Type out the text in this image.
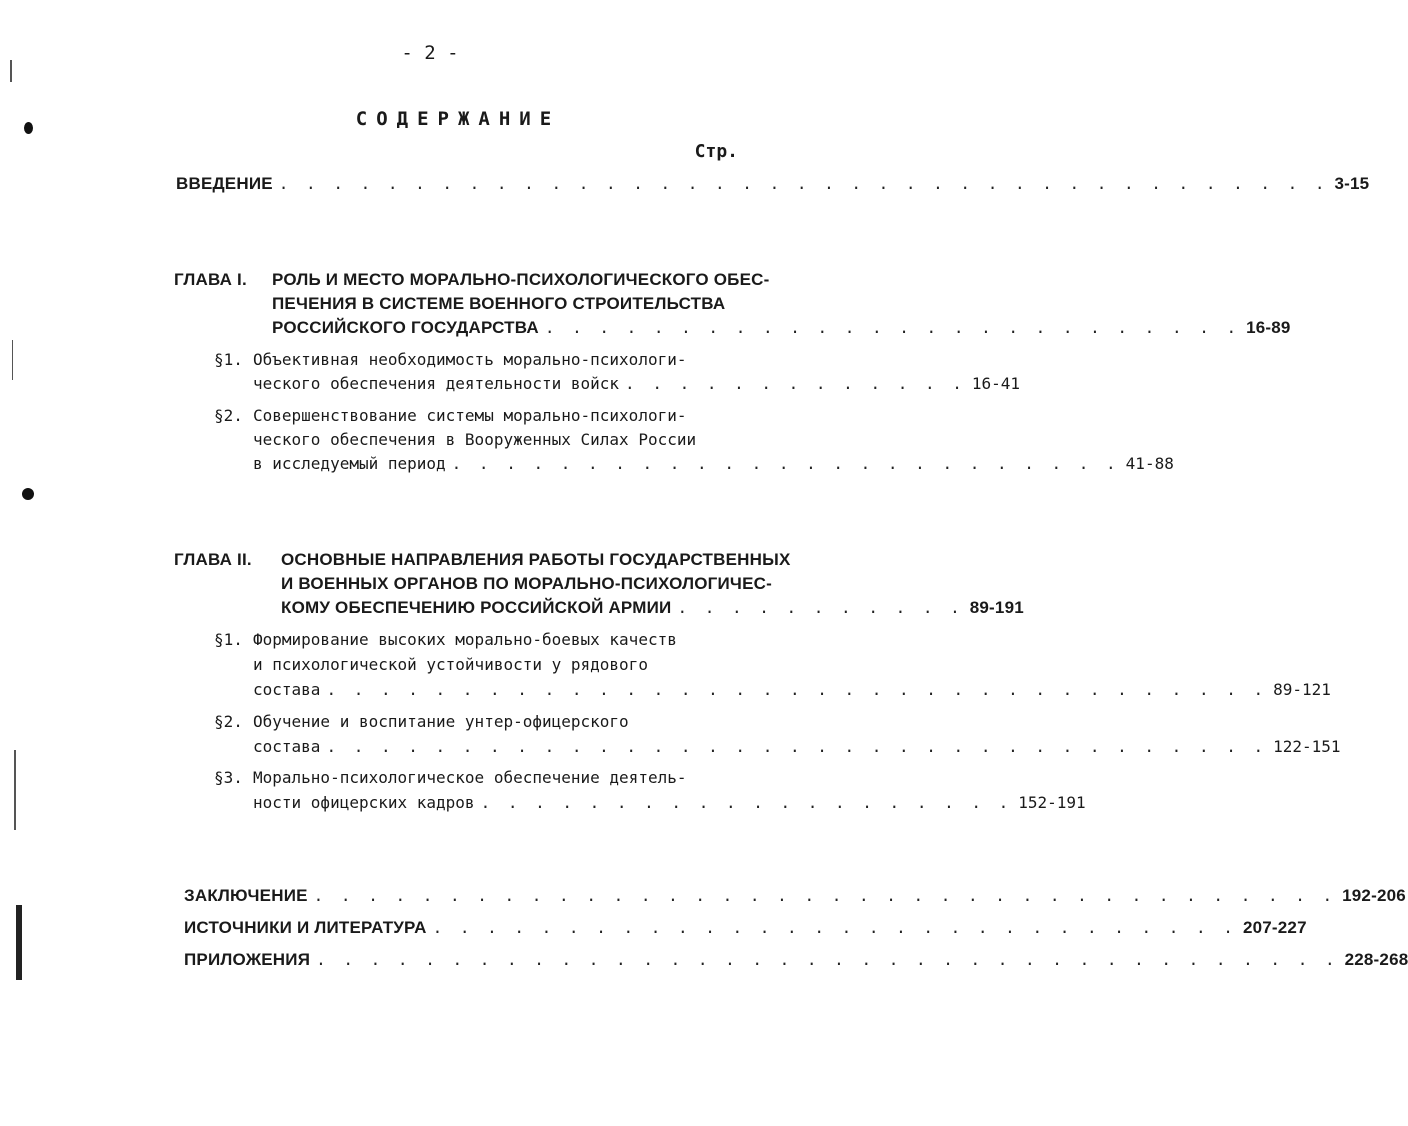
- 2 -
СОДЕРЖАНИЕ
Стр.
ВВЕДЕНИЕ . . . . . . . . . . . . . . . . . . . . . . . . . . . . . . . . . . . . . . . 3-15
ГЛАВА I. РОЛЬ И МЕСТО МОРАЛЬНО-ПСИХОЛОГИЧЕСКОГО ОБЕС-
ПЕЧЕНИЯ В СИСТЕМЕ ВОЕННОГО СТРОИТЕЛЬСТВА
РОССИЙСКОГО ГОСУДАРСТВА . . . . . . . . . . . . . . . . . . . . . . . . . . 16-89
§1. Объективная необходимость морально-психологи-
ческого обеспечения деятельности войск . . . . . . . . . . . . . 16-41
§2. Совершенствование системы морально-психологи-
ческого обеспечения в Вооруженных Силах России
в исследуемый период . . . . . . . . . . . . . . . . . . . . . . . . . 41-88
ГЛАВА II. ОСНОВНЫЕ НАПРАВЛЕНИЯ РАБОТЫ ГОСУДАРСТВЕННЫХ
И ВОЕННЫХ ОРГАНОВ ПО МОРАЛЬНО-ПСИХОЛОГИЧЕС-
КОМУ ОБЕСПЕЧЕНИЮ РОССИЙСКОЙ АРМИИ . . . . . . . . . . . 89-191
§1. Формирование высоких морально-боевых качеств
и психологической устойчивости у рядового
состава . . . . . . . . . . . . . . . . . . . . . . . . . . . . . . . . . . . 89-121
§2. Обучение и воспитание унтер-офицерского
состава . . . . . . . . . . . . . . . . . . . . . . . . . . . . . . . . . . . 122-151
§3. Морально-психологическое обеспечение деятель-
ности офицерских кадров . . . . . . . . . . . . . . . . . . . . 152-191
ЗАКЛЮЧЕНИЕ . . . . . . . . . . . . . . . . . . . . . . . . . . . . . . . . . . . . . . 192-206
ИСТОЧНИКИ И ЛИТЕРАТУРА . . . . . . . . . . . . . . . . . . . . . . . . . . . . . . 207-227
ПРИЛОЖЕНИЯ . . . . . . . . . . . . . . . . . . . . . . . . . . . . . . . . . . . . . . 228-268
